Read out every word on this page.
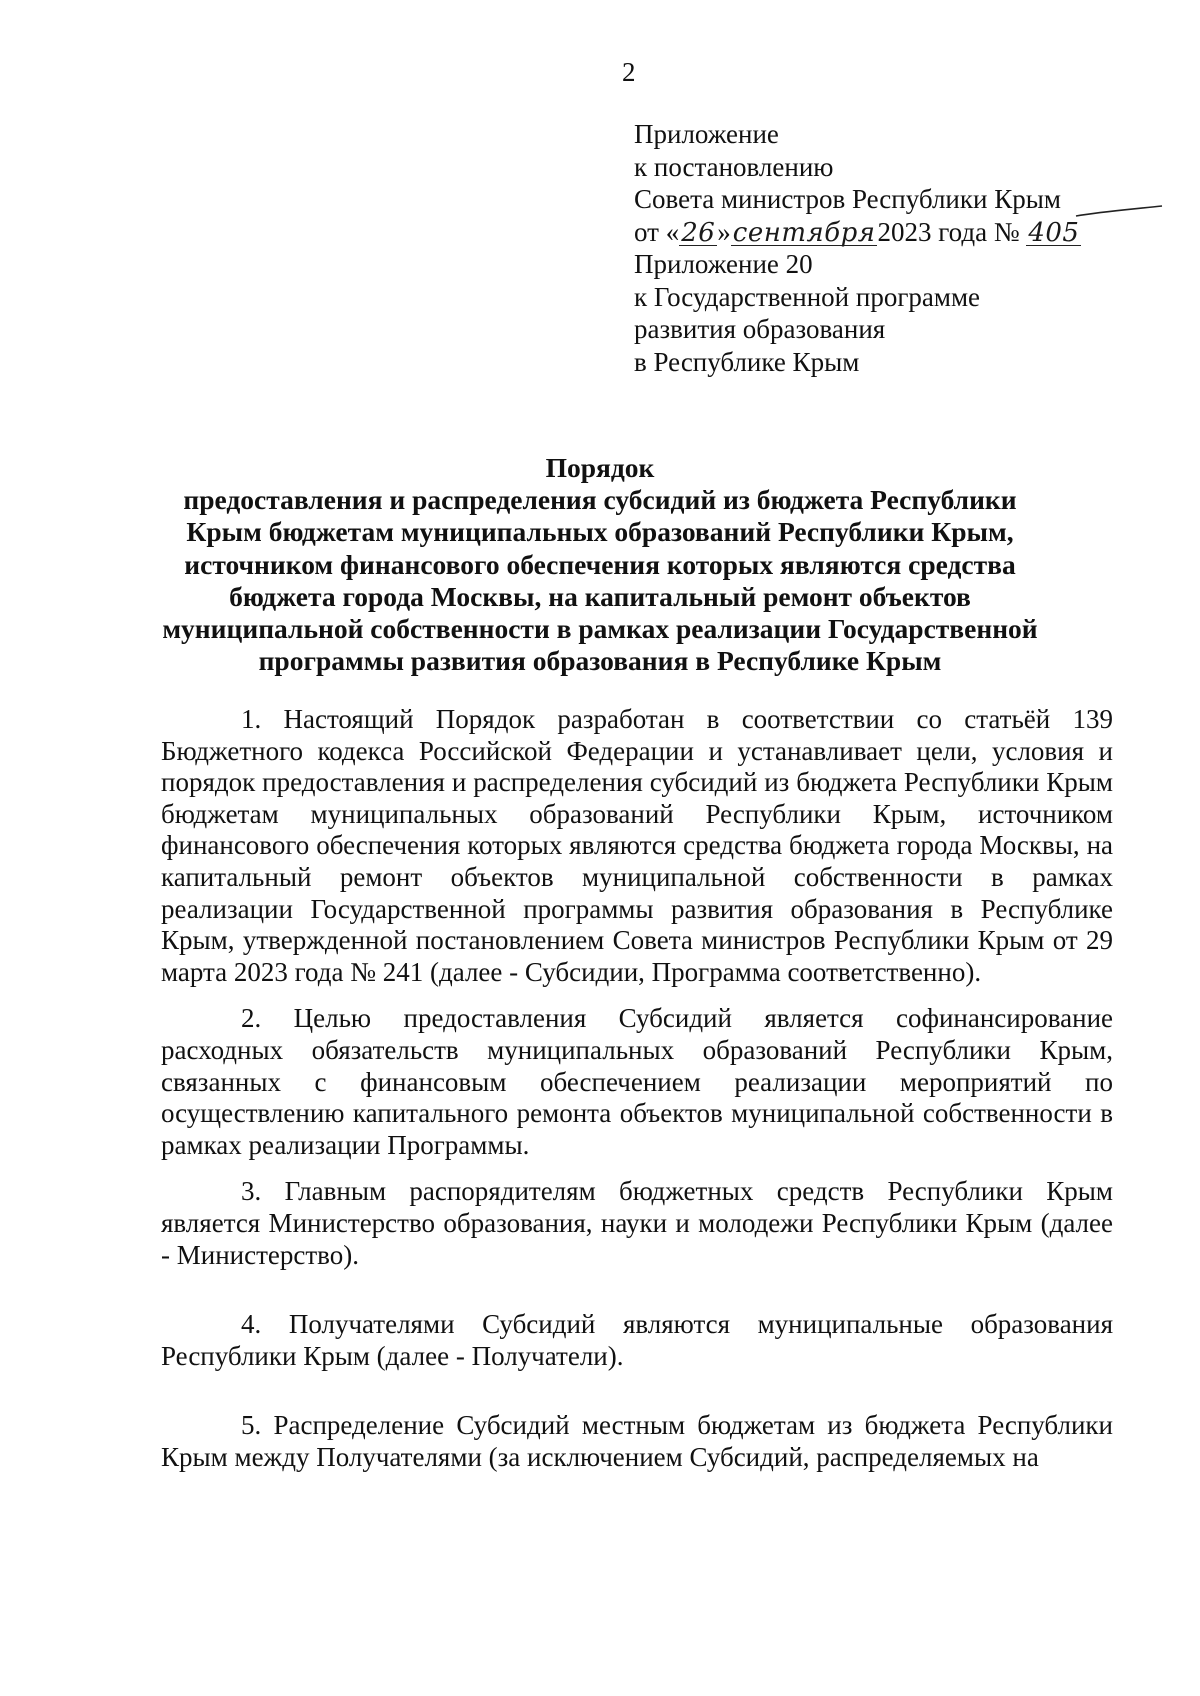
2
Приложение
к постановлению
Совета министров Республики Крым
от «26»сентября2023 года № 405
Приложение 20
к Государственной программе
развития образования
в Республике Крым
Порядок
предоставления и распределения субсидий из бюджета Республики
Крым бюджетам муниципальных образований Республики Крым,
источником финансового обеспечения которых являются средства
бюджета города Москвы, на капитальный ремонт объектов
муниципальной собственности в рамках реализации Государственной
программы развития образования в Республике Крым

1. Настоящий Порядок разработан в соответствии со статьёй 139 Бюджетного кодекса Российской Федерации и устанавливает цели, условия и порядок предоставления и распределения субсидий из бюджета Республики Крым бюджетам муниципальных образований Республики Крым, источником финансового обеспечения которых являются средства бюджета города Москвы, на капитальный ремонт объектов муниципальной собственности в рамках реализации Государственной программы развития образования в Республике Крым, утвержденной постановлением Совета министров Республики Крым от 29 марта 2023 года № 241 (далее - Субсидии, Программа соответственно).

2. Целью предоставления Субсидий является софинансирование расходных обязательств муниципальных образований Республики Крым, связанных с финансовым обеспечением реализации мероприятий по осуществлению капитального ремонта объектов муниципальной собственности в рамках реализации Программы.

3. Главным распорядителям бюджетных средств Республики Крым является Министерство образования, науки и молодежи Республики Крым (далее - Министерство).

4. Получателями Субсидий являются муниципальные образования Республики Крым (далее - Получатели).

5. Распределение Субсидий местным бюджетам из бюджета Республики Крым между Получателями (за исключением Субсидий, распределяемых на
